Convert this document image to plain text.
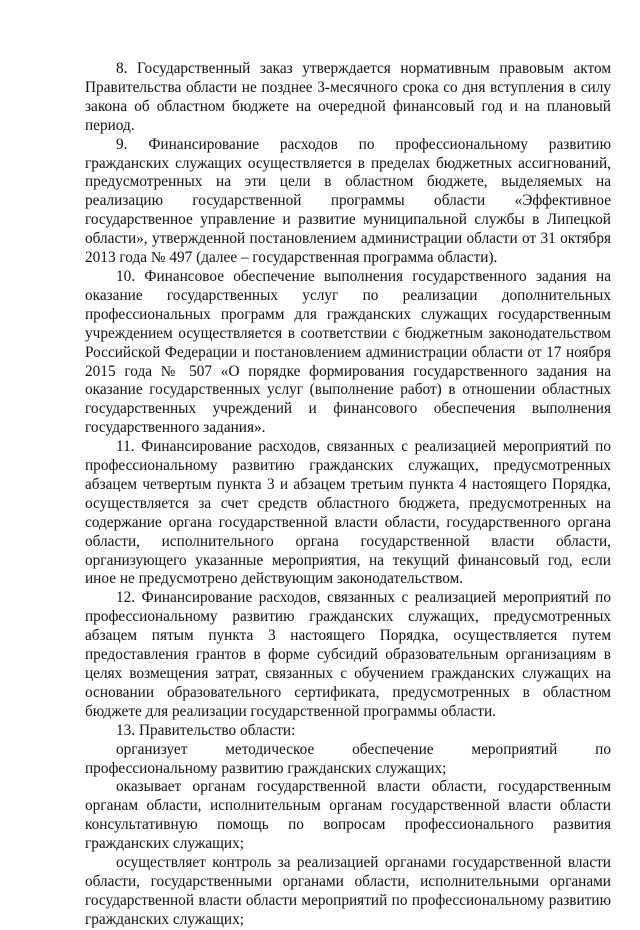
8. Государственный заказ утверждается нормативным правовым актом Правительства области не позднее 3-месячного срока со дня вступления в силу закона об областном бюджете на очередной финансовый год и на плановый период.

9. Финансирование расходов по профессиональному развитию гражданских служащих осуществляется в пределах бюджетных ассигнований, предусмотренных на эти цели в областном бюджете, выделяемых на реализацию государственной программы области «Эффективное государственное управление и развитие муниципальной службы в Липецкой области», утвержденной постановлением администрации области от 31 октября 2013 года № 497 (далее – государственная программа области).

10. Финансовое обеспечение выполнения государственного задания на оказание государственных услуг по реализации дополнительных профессиональных программ для гражданских служащих государственным учреждением осуществляется в соответствии с бюджетным законодательством Российской Федерации и постановлением администрации области от 17 ноября 2015 года № 507 «О порядке формирования государственного задания на оказание государственных услуг (выполнение работ) в отношении областных государственных учреждений и финансового обеспечения выполнения государственного задания».

11. Финансирование расходов, связанных с реализацией мероприятий по профессиональному развитию гражданских служащих, предусмотренных абзацем четвертым пункта 3 и абзацем третьим пункта 4 настоящего Порядка, осуществляется за счет средств областного бюджета, предусмотренных на содержание органа государственной власти области, государственного органа области, исполнительного органа государственной власти области, организующего указанные мероприятия, на текущий финансовый год, если иное не предусмотрено действующим законодательством.

12. Финансирование расходов, связанных с реализацией мероприятий по профессиональному развитию гражданских служащих, предусмотренных абзацем пятым пункта 3 настоящего Порядка, осуществляется путем предоставления грантов в форме субсидий образовательным организациям в целях возмещения затрат, связанных с обучением гражданских служащих на основании образовательного сертификата, предусмотренных в областном бюджете для реализации государственной программы области.

13. Правительство области:

организует методическое обеспечение мероприятий по профессиональному развитию гражданских служащих;

оказывает органам государственной власти области, государственным органам области, исполнительным органам государственной власти области консультативную помощь по вопросам профессионального развития гражданских служащих;

осуществляет контроль за реализацией органами государственной власти области, государственными органами области, исполнительными органами государственной власти области мероприятий по профессиональному развитию гражданских служащих;
